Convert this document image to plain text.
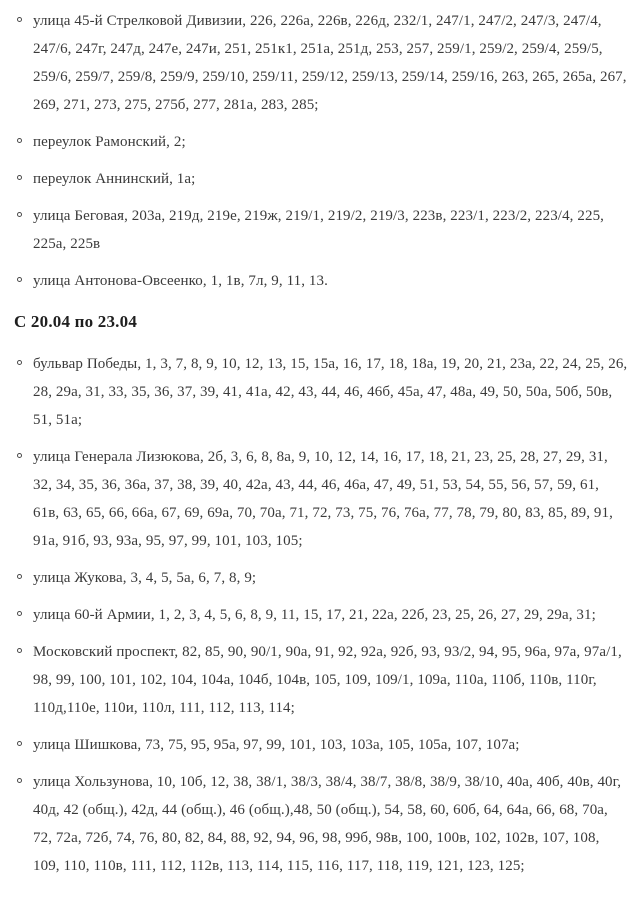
улица 45-й Стрелковой Дивизии, 226, 226а, 226в, 226д, 232/1, 247/1, 247/2, 247/3, 247/4, 247/6, 247г, 247д, 247е, 247и, 251, 251к1, 251а, 251д, 253, 257, 259/1, 259/2, 259/4, 259/5, 259/6, 259/7, 259/8, 259/9, 259/10, 259/11, 259/12, 259/13, 259/14, 259/16, 263, 265, 265а, 267, 269, 271, 273, 275, 275б, 277, 281а, 283, 285;
переулок Рамонский, 2;
переулок Аннинский, 1а;
улица Беговая, 203а, 219д, 219е, 219ж, 219/1, 219/2, 219/3, 223в, 223/1, 223/2, 223/4, 225, 225а, 225в
улица Антонова-Овсеенко, 1, 1в, 7л, 9, 11, 13.
С 20.04 по 23.04
бульвар Победы, 1, 3, 7, 8, 9, 10, 12, 13, 15, 15а, 16, 17, 18, 18а, 19, 20, 21, 23а, 22, 24, 25, 26, 28, 29а, 31, 33, 35, 36, 37, 39, 41, 41а, 42, 43, 44, 46, 46б, 45а, 47, 48а, 49, 50, 50а, 50б, 50в, 51, 51а;
улица Генерала Лизюкова, 2б, 3, 6, 8, 8а, 9, 10, 12, 14, 16, 17, 18, 21, 23, 25, 28, 27, 29, 31, 32, 34, 35, 36, 36а, 37, 38, 39, 40, 42а, 43, 44, 46, 46а, 47, 49, 51, 53, 54, 55, 56, 57, 59, 61, 61в, 63, 65, 66, 66а, 67, 69, 69а, 70, 70а, 71, 72, 73, 75, 76, 76а, 77, 78, 79, 80, 83, 85, 89, 91, 91а, 91б, 93, 93а, 95, 97, 99, 101, 103, 105;
улица Жукова, 3, 4, 5, 5а, 6, 7, 8, 9;
улица 60-й Армии, 1, 2, 3, 4, 5, 6, 8, 9, 11, 15, 17, 21, 22а, 22б, 23, 25, 26, 27, 29, 29а, 31;
Московский проспект, 82, 85, 90, 90/1, 90а, 91, 92, 92а, 92б, 93, 93/2, 94, 95, 96а, 97а, 97а/1, 98, 99, 100, 101, 102, 104, 104а, 104б, 104в, 105, 109, 109/1, 109а, 110а, 110б, 110в, 110г, 110д,110е, 110и, 110л, 111, 112, 113, 114;
улица Шишкова, 73, 75, 95, 95а, 97, 99, 101, 103, 103а, 105, 105а, 107, 107а;
улица Хользунова, 10, 10б, 12, 38, 38/1, 38/3, 38/4, 38/7, 38/8, 38/9, 38/10, 40а, 40б, 40в, 40г, 40д, 42 (общ.), 42д, 44 (общ.), 46 (общ.),48, 50 (общ.), 54, 58, 60, 60б, 64, 64а, 66, 68, 70а, 72, 72а, 72б, 74, 76, 80, 82, 84, 88, 92, 94, 96, 98, 99б, 98в, 100, 100в, 102, 102в, 107, 108, 109, 110, 110в, 111, 112, 112в, 113, 114, 115, 116, 117, 118, 119, 121, 123, 125;
